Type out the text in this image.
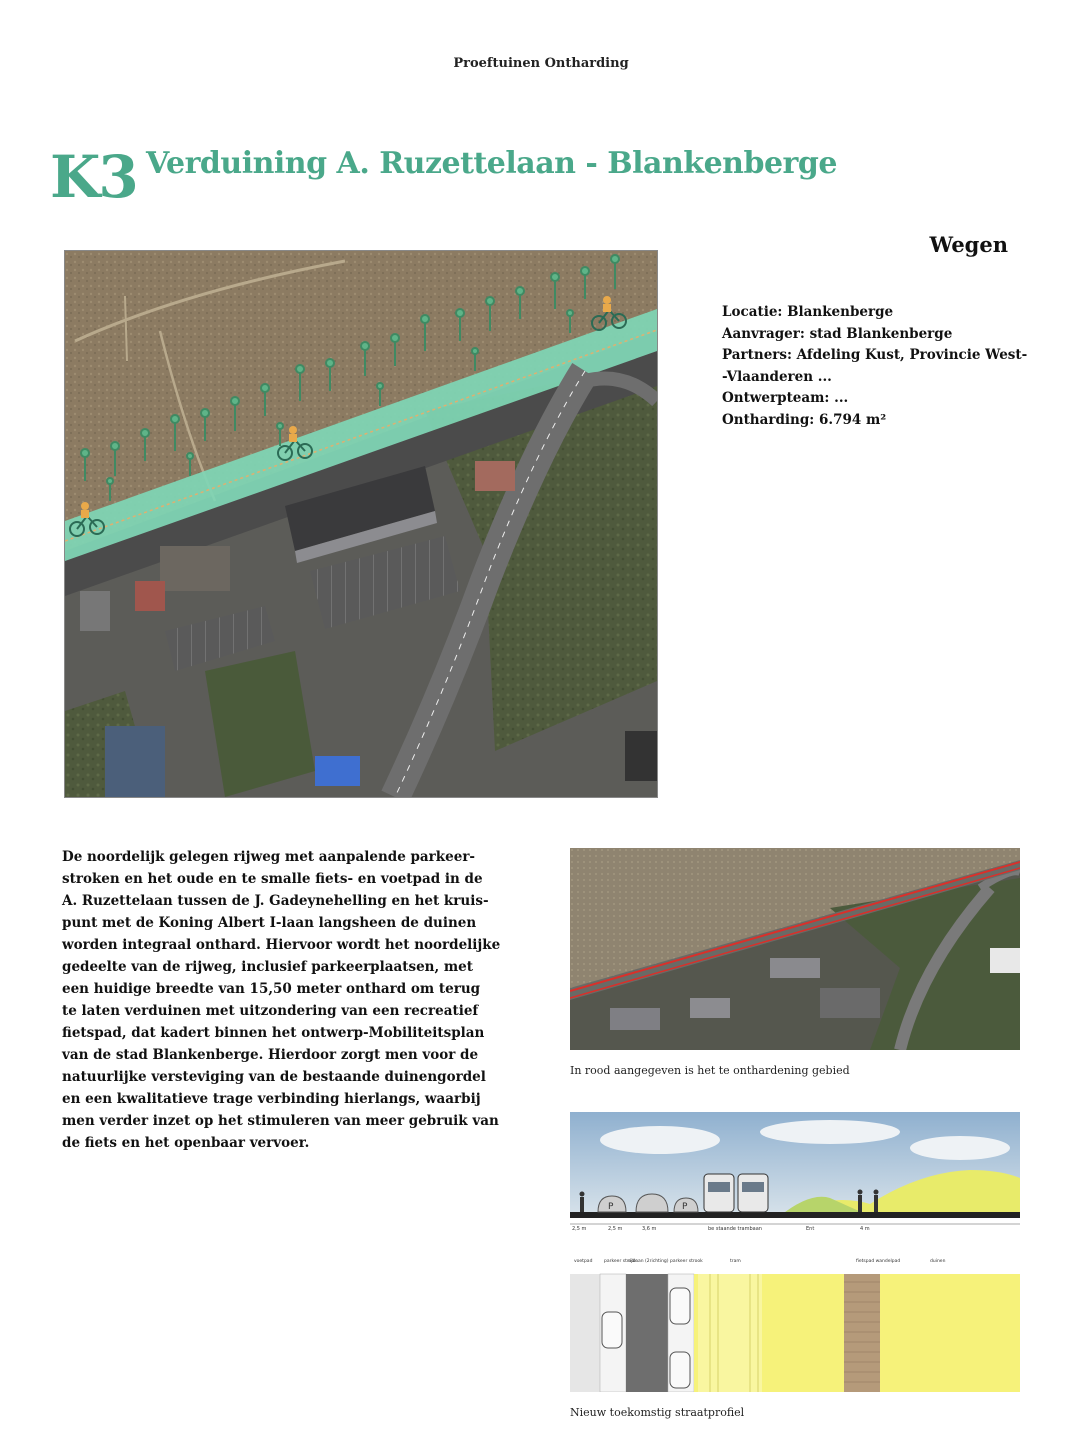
Proeftuinen Ontharding
K3 Verduining A. Ruzettelaan - Blankenberge
Wegen
Locatie: Blankenberge
Aanvrager: stad Blankenberge
Partners: Afdeling Kust, Provincie West-
-Vlaanderen ...
Ontwerpteam: ...
Ontharding: 6.794 m²
De noordelijk gelegen rijweg met aanpalende parkeer-
stroken en het oude en te smalle fiets- en voetpad in de
A. Ruzettelaan tussen de J. Gadeynehelling en het kruis-
punt met de Koning Albert I-laan langsheen de duinen
worden integraal onthard. Hiervoor wordt het noordelijke
gedeelte van de rijweg, inclusief parkeerplaatsen, met
een huidige breedte van 15,50 meter onthard om terug
te laten verduinen met uitzondering van een recreatief
fietspad, dat kadert binnen het ontwerp-Mobiliteitsplan
van de stad Blankenberge. Hierdoor zorgt men voor de
natuurlijke versteviging van de bestaande duinengordel
en een kwalitatieve trage verbinding hierlangs, waarbij
men verder inzet op het stimuleren van meer gebruik van
de fiets en het openbaar vervoer.
In rood aangegeven is het te onthardening gebied
P	P
2,5 m	2,5 m	3,6 m	be staande trambaan	Ent	4 m
voetpad	parkeer strook
rijbaan (2richting) parkeer strook	tram	fietspad wandelpad	duinen
Nieuw toekomstig straatprofiel
